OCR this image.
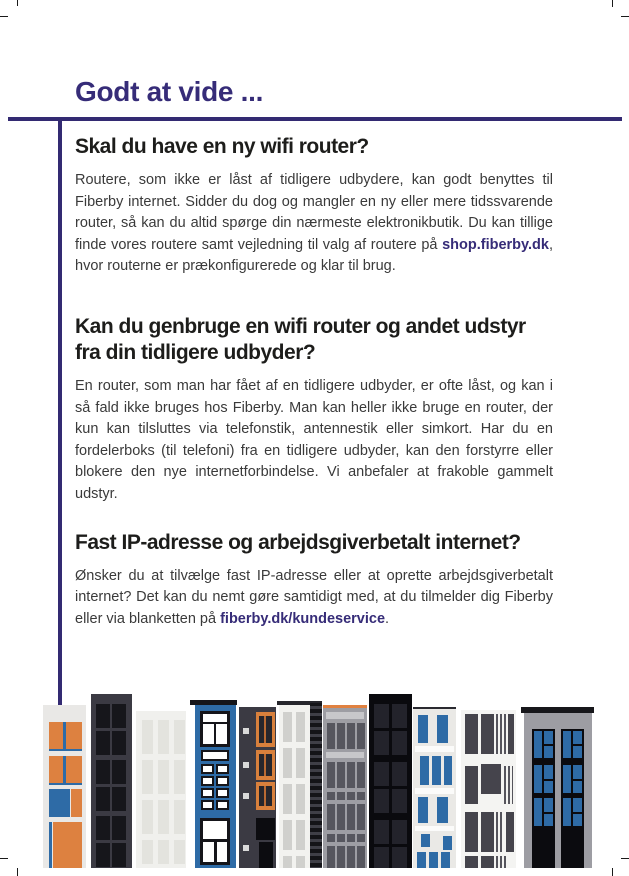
Godt at vide ...
Skal du have en ny wifi router?

Routere, som ikke er låst af tidligere udbydere, kan godt benyttes til Fiberby internet. Sidder du dog og mangler en ny eller mere tidssvarende router, så kan du altid spørge din nærmeste elektronikbutik. Du kan tillige finde vores routere samt vejledning til valg af routere på shop.fiberby.dk, hvor routerne er prækonfigurerede og klar til brug.

Kan du genbruge en wifi router og andet udstyr fra din tidligere udbyder?

En router, som man har fået af en tidligere udbyder, er ofte låst, og kan i så fald ikke bruges hos Fiberby. Man kan heller ikke bruge en router, der kun kan tilsluttes via telefonstik, antennestik eller simkort. Har du en fordelerboks (til telefoni) fra en tidligere udbyder, kan den forstyrre eller blokere den nye internetforbindelse. Vi anbefaler at frakoble gammelt udstyr.

Fast IP-adresse og arbejdsgiverbetalt internet?

Ønsker du at tilvælge fast IP-adresse eller at oprette arbejdsgiverbetalt internet? Det kan du nemt gøre samtidigt med, at du tilmelder dig Fiberby eller via blanketten på fiberby.dk/kundeservice.
